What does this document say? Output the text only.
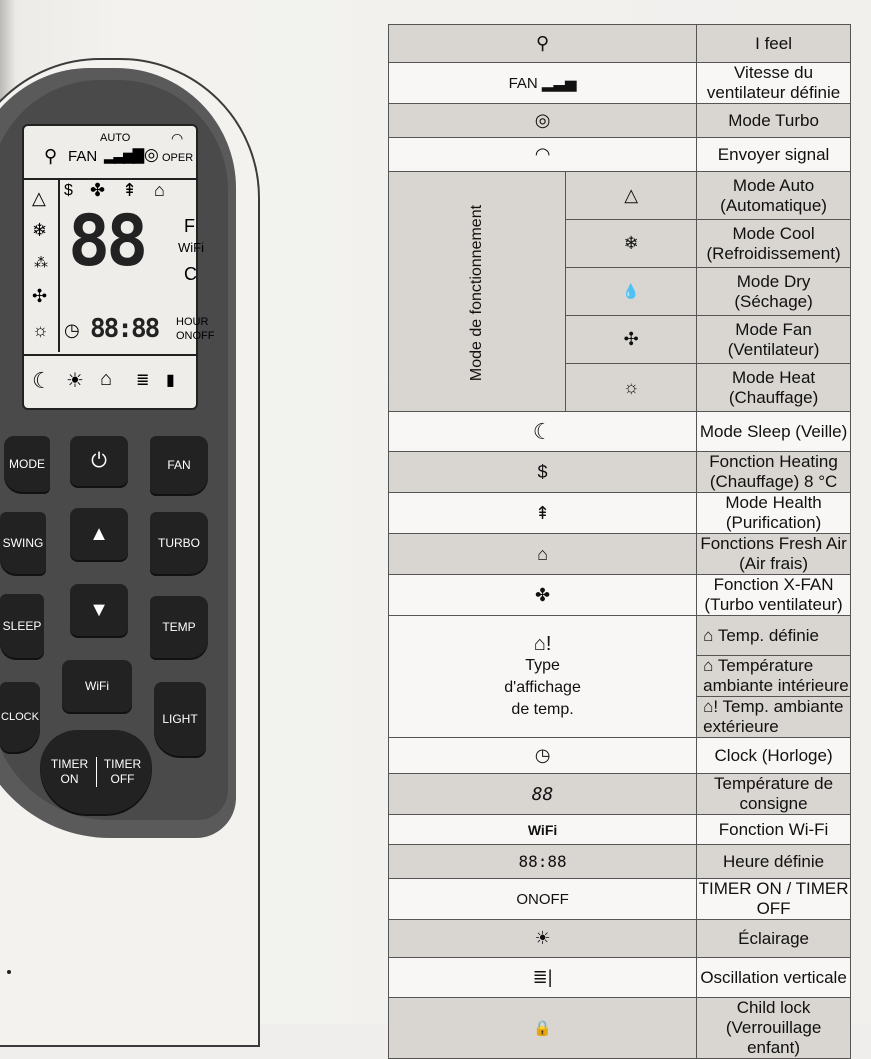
⚲ FAN
AUTO
▂▃▅▇ ◎
◠
OPER
△
❄
⁂
✣
☼
$ ✤ ⇞ ⌂
88 F
WiFi
C
◷ 88:88 HOUR
ONOFF
☾ ☀ ⌂ ≣ ▮
MODE	⏻	FAN
SWING	▲	TURBO
SLEEP
▼
TEMP
WiFi
CLOCK	LIGHT
TIMER ON
TIMER OFF
⚲		I feel
FAN ▂▃▅		Vitesse du ventilateur définie
◎		Mode Turbo
◠		Envoyer signal
Mode de fonctionnement	△	Mode Auto (Automatique)
	❄	Mode Cool (Refroidissement)
	💧	Mode Dry (Séchage)
	✣	Mode Fan (Ventilateur)
	☼	Mode Heat (Chauffage)
☾		Mode Sleep (Veille)
$		Fonction Heating (Chauffage) 8 °C
⇞		Mode Health (Purification)
⌂		Fonctions Fresh Air (Air frais)
✤		Fonction X-FAN (Turbo ventilateur)

⌂!
Type
d'affichage
de temp.		⌂ Temp. définie
		⌂ Température ambiante intérieure
		⌂! Temp. ambiante extérieure
◷		Clock (Horloge)
88		Température de consigne
WiFi		Fonction Wi-Fi
88:88		Heure définie
ONOFF		TIMER ON / TIMER OFF
☀		Éclairage
≣|		Oscillation verticale
🔒		Child lock (Verrouillage enfant)
